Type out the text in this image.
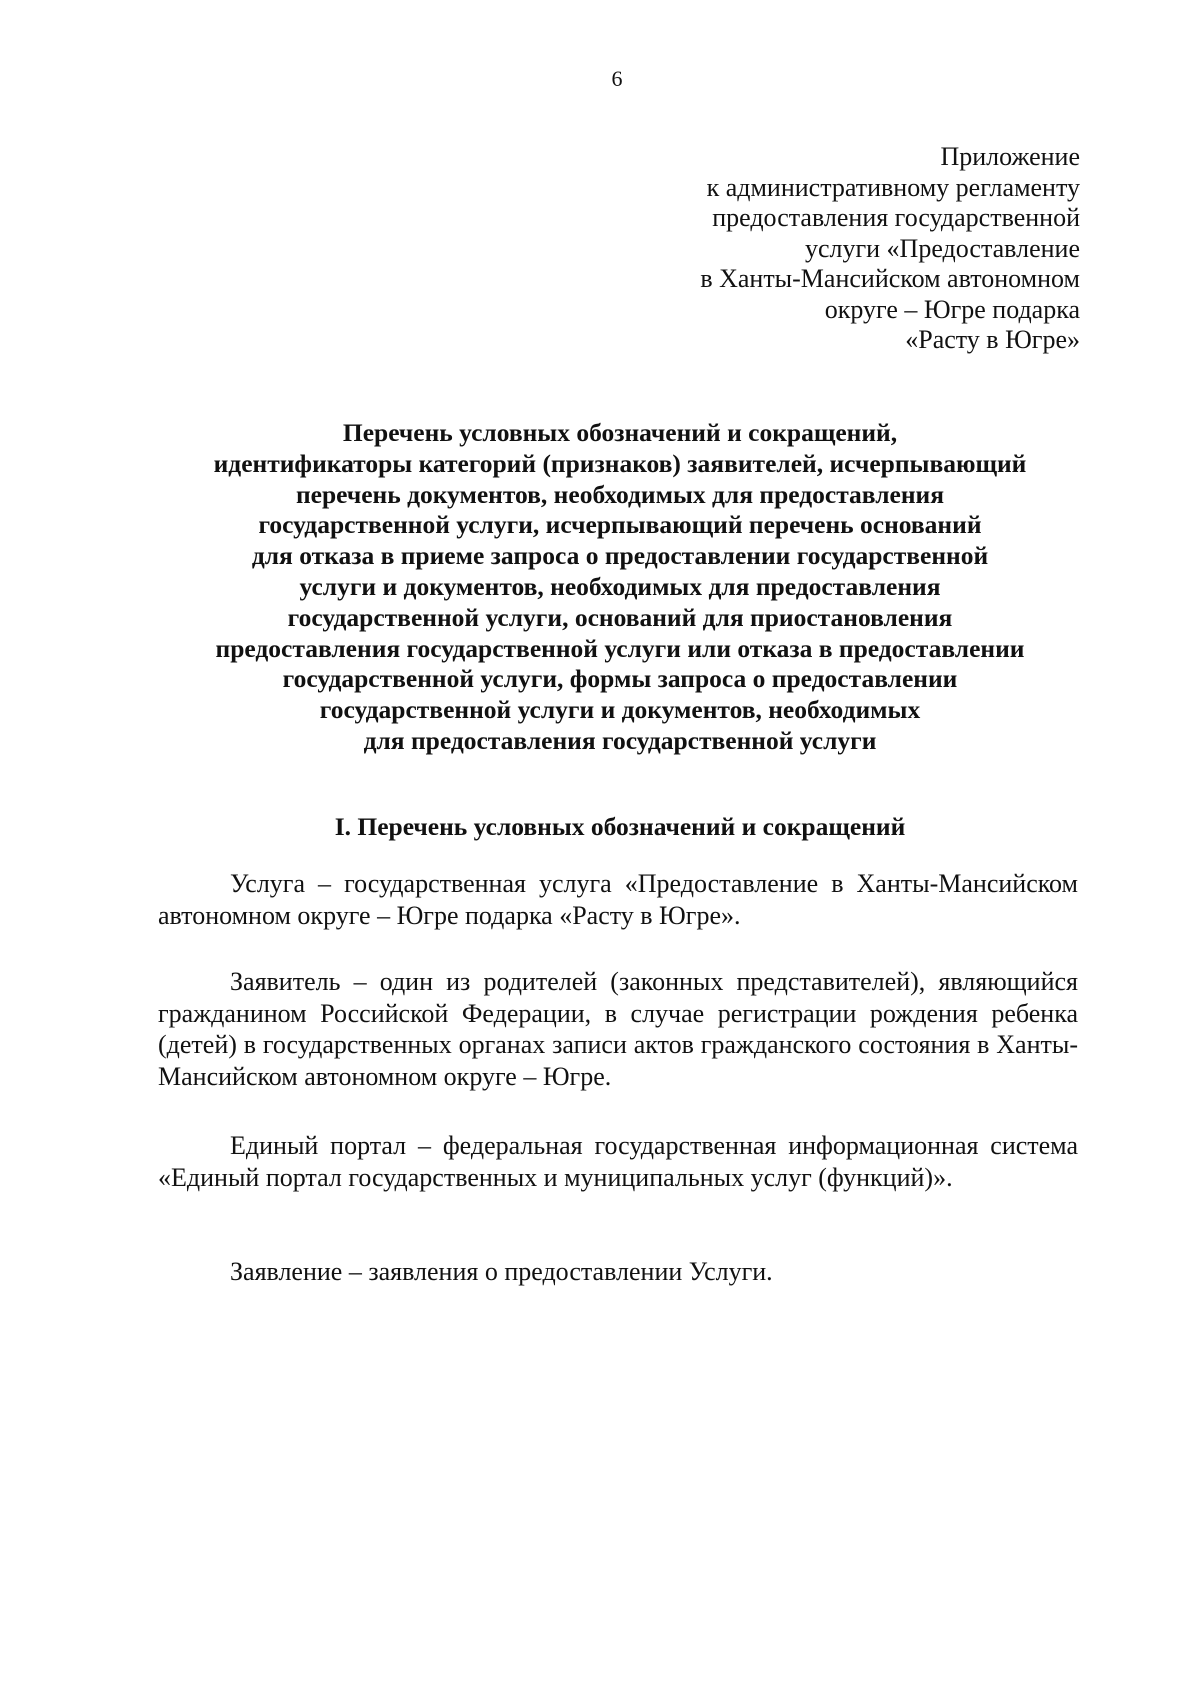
6
Приложение
к административному регламенту
предоставления государственной
услуги «Предоставление
в Ханты-Мансийском автономном
округе – Югре подарка
«Расту в Югре»
Перечень условных обозначений и сокращений,
идентификаторы категорий (признаков) заявителей, исчерпывающий
перечень документов, необходимых для предоставления
государственной услуги, исчерпывающий перечень оснований
для отказа в приеме запроса о предоставлении государственной
услуги и документов, необходимых для предоставления
государственной услуги, оснований для приостановления
предоставления государственной услуги или отказа в предоставлении
государственной услуги, формы запроса о предоставлении
государственной услуги и документов, необходимых
для предоставления государственной услуги
I. Перечень условных обозначений и сокращений

Услуга – государственная услуга «Предоставление в Ханты-Мансийском автономном округе – Югре подарка «Расту в Югре».

Заявитель – один из родителей (законных представителей), являющийся гражданином Российской Федерации, в случае регистрации рождения ребенка (детей) в государственных органах записи актов гражданского состояния в Ханты-Мансийском автономном округе – Югре.

Единый портал – федеральная государственная информационная система «Единый портал государственных и муниципальных услуг (функций)».

Заявление – заявления о предоставлении Услуги.
